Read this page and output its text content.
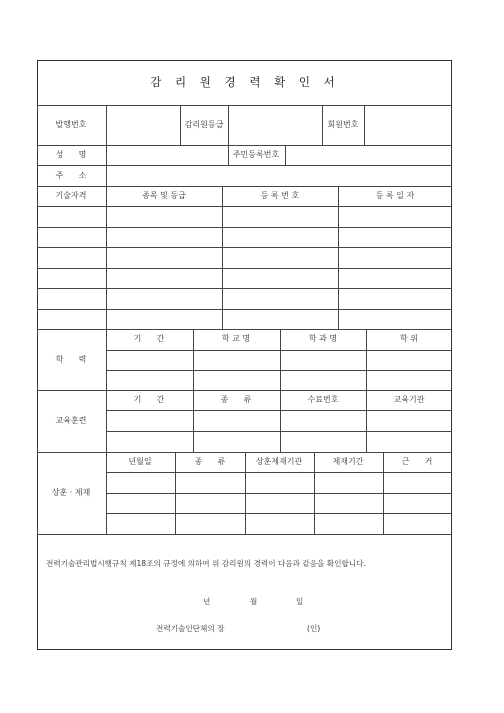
감 리 원 경 력 확 인 서
발행번호	감리원등급	회원번호
성      명	주민등록번호
주      소
기술자격	종목 및 등급	등 록 번 호	등 록 일 자
학      력
기      간	학 교 명	학 과 명	학 위
교육훈련
기      간	종      류	수료번호	교육기관
상훈 · 제재
년월일	종      류	상훈제재기관	제재기간	근      거
전력기술관리법시행규칙 제18조의 규정에 의하여 위 감리원의 경력이 다음과 같음을 확인합니다.
년	월	일
전력기술인단체의 장	(인)
